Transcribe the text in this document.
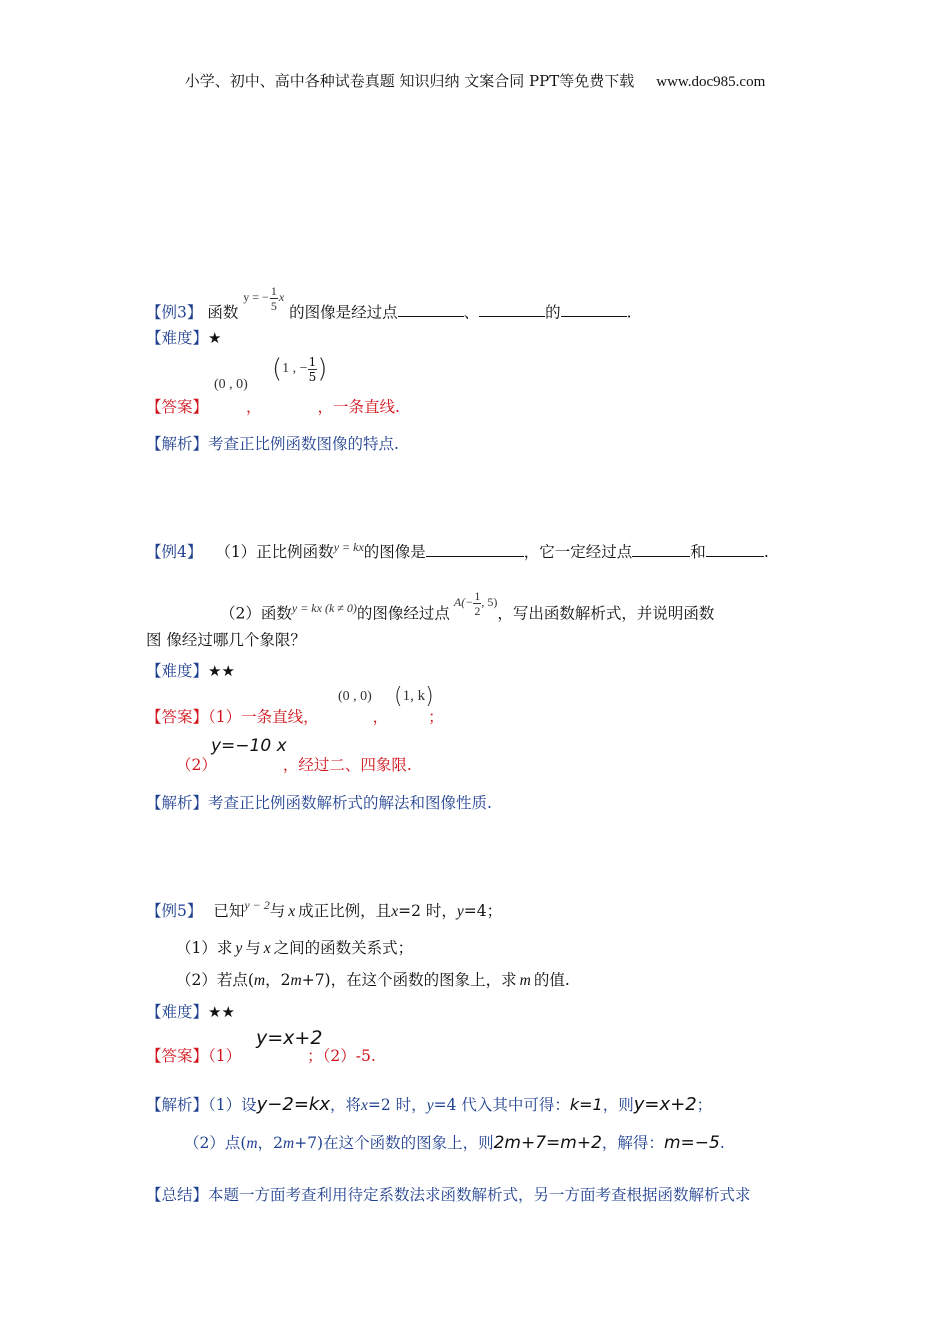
小学、初中、高中各种试卷真题 知识归纳 文案合同 PPT等免费下载 www.doc985.com
【例3】 函数 $^{y = - \frac{1}{5} x}$ 的图像是经过点	、	的	.
【难度】★
(0 , 0)
(1 , − $\frac{1}{5}$ )
【答案】 ，	，一条直线.
【解析】考查正比例函数图像的特点.
【例4】 （1）正比例函数$^{y = kx}$的图像是	，它一定经过点	和	.
（2）函数$^{y = kx (k \ne 0)}$的图像经过点$^{A(- \frac{1}{2} , 5)}$，写出函数解析式，并说明函数
图 像经过哪几个象限？
【难度】★★
(0 , 0) (1, k)
【答案】（1）一条直线，	，	；
y=−10 x
（2）	，经过二、四象限.
【解析】考查正比例函数解析式的解法和图像性质.
【例5】 已知$^{y - 2}$与 x 成正比例，且x=2 时，y=4；
（1）求 y 与 x 之间的函数关系式；
（2）若点(m，2m+7)，在这个函数的图象上，求 m 的值.
【难度】★★
y=x+2
【答案】（1）	；（2）-5.
【解析】（1）设y−2=kx，将x=2 时，y=4 代入其中可得：k=1，则y=x+2；
（2）点(m，2m+7)在这个函数的图象上，则2m+7=m+2，解得：m=−5.
【总结】本题一方面考查利用待定系数法求函数解析式，另一方面考查根据函数解析式求
